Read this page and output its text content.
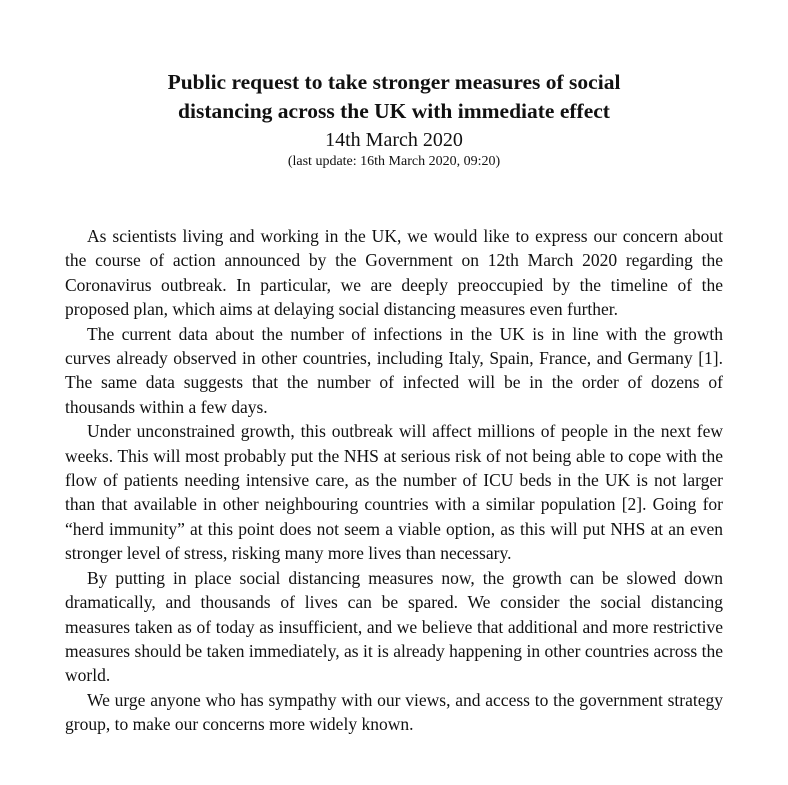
Public request to take stronger measures of social
distancing across the UK with immediate effect
14th March 2020
(last update: 16th March 2020, 09:20)

As scientists living and working in the UK, we would like to express our concern about the course of action announced by the Government on 12th March 2020 regarding the Coronavirus outbreak. In particular, we are deeply preoccupied by the timeline of the proposed plan, which aims at delaying social distancing measures even further.

The current data about the number of infections in the UK is in line with the growth curves already observed in other countries, including Italy, Spain, France, and Germany [1]. The same data suggests that the number of infected will be in the order of dozens of thousands within a few days.

Under unconstrained growth, this outbreak will affect millions of people in the next few weeks. This will most probably put the NHS at serious risk of not being able to cope with the flow of patients needing intensive care, as the number of ICU beds in the UK is not larger than that available in other neighbouring countries with a similar population [2]. Going for “herd immunity” at this point does not seem a viable option, as this will put NHS at an even stronger level of stress, risking many more lives than necessary.

By putting in place social distancing measures now, the growth can be slowed down dramatically, and thousands of lives can be spared. We consider the social distancing measures taken as of today as insufficient, and we believe that additional and more restrictive measures should be taken immediately, as it is already happening in other countries across the world.

We urge anyone who has sympathy with our views, and access to the government strategy group, to make our concerns more widely known.
